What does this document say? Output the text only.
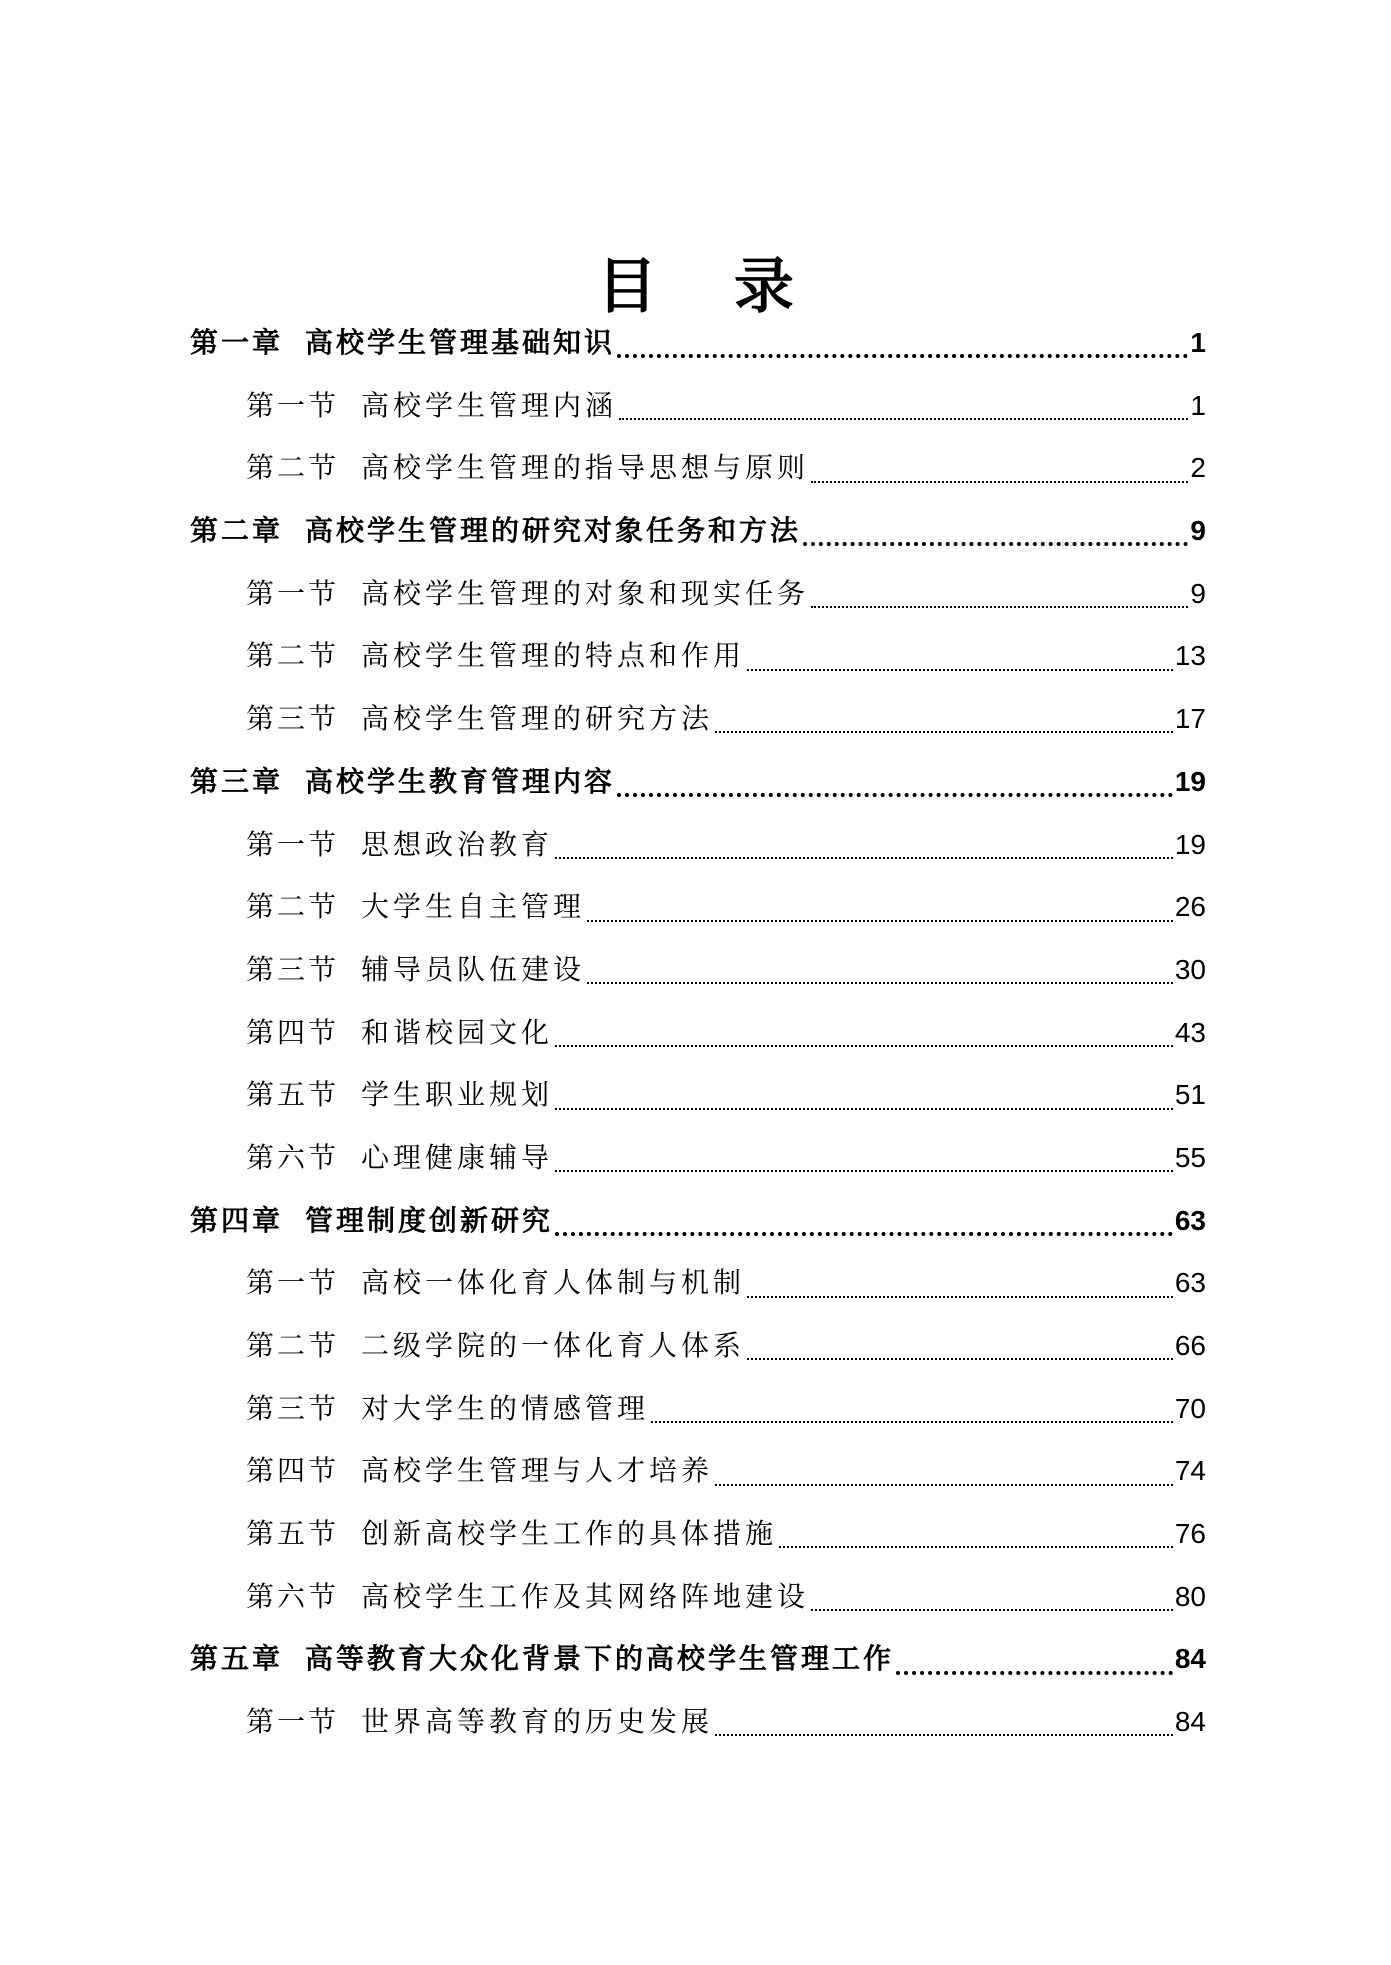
目 录
第一章 高校学生管理基础知识	1
第一节 高校学生管理内涵	1
第二节 高校学生管理的指导思想与原则	2
第二章 高校学生管理的研究对象任务和方法	9
第一节 高校学生管理的对象和现实任务	9
第二节 高校学生管理的特点和作用	13
第三节 高校学生管理的研究方法	17
第三章 高校学生教育管理内容	19
第一节 思想政治教育	19
第二节 大学生自主管理	26
第三节 辅导员队伍建设	30
第四节 和谐校园文化	43
第五节 学生职业规划	51
第六节 心理健康辅导	55
第四章 管理制度创新研究	63
第一节 高校一体化育人体制与机制	63
第二节 二级学院的一体化育人体系	66
第三节 对大学生的情感管理	70
第四节 高校学生管理与人才培养	74
第五节 创新高校学生工作的具体措施	76
第六节 高校学生工作及其网络阵地建设	80
第五章 高等教育大众化背景下的高校学生管理工作	84
第一节 世界高等教育的历史发展	84
